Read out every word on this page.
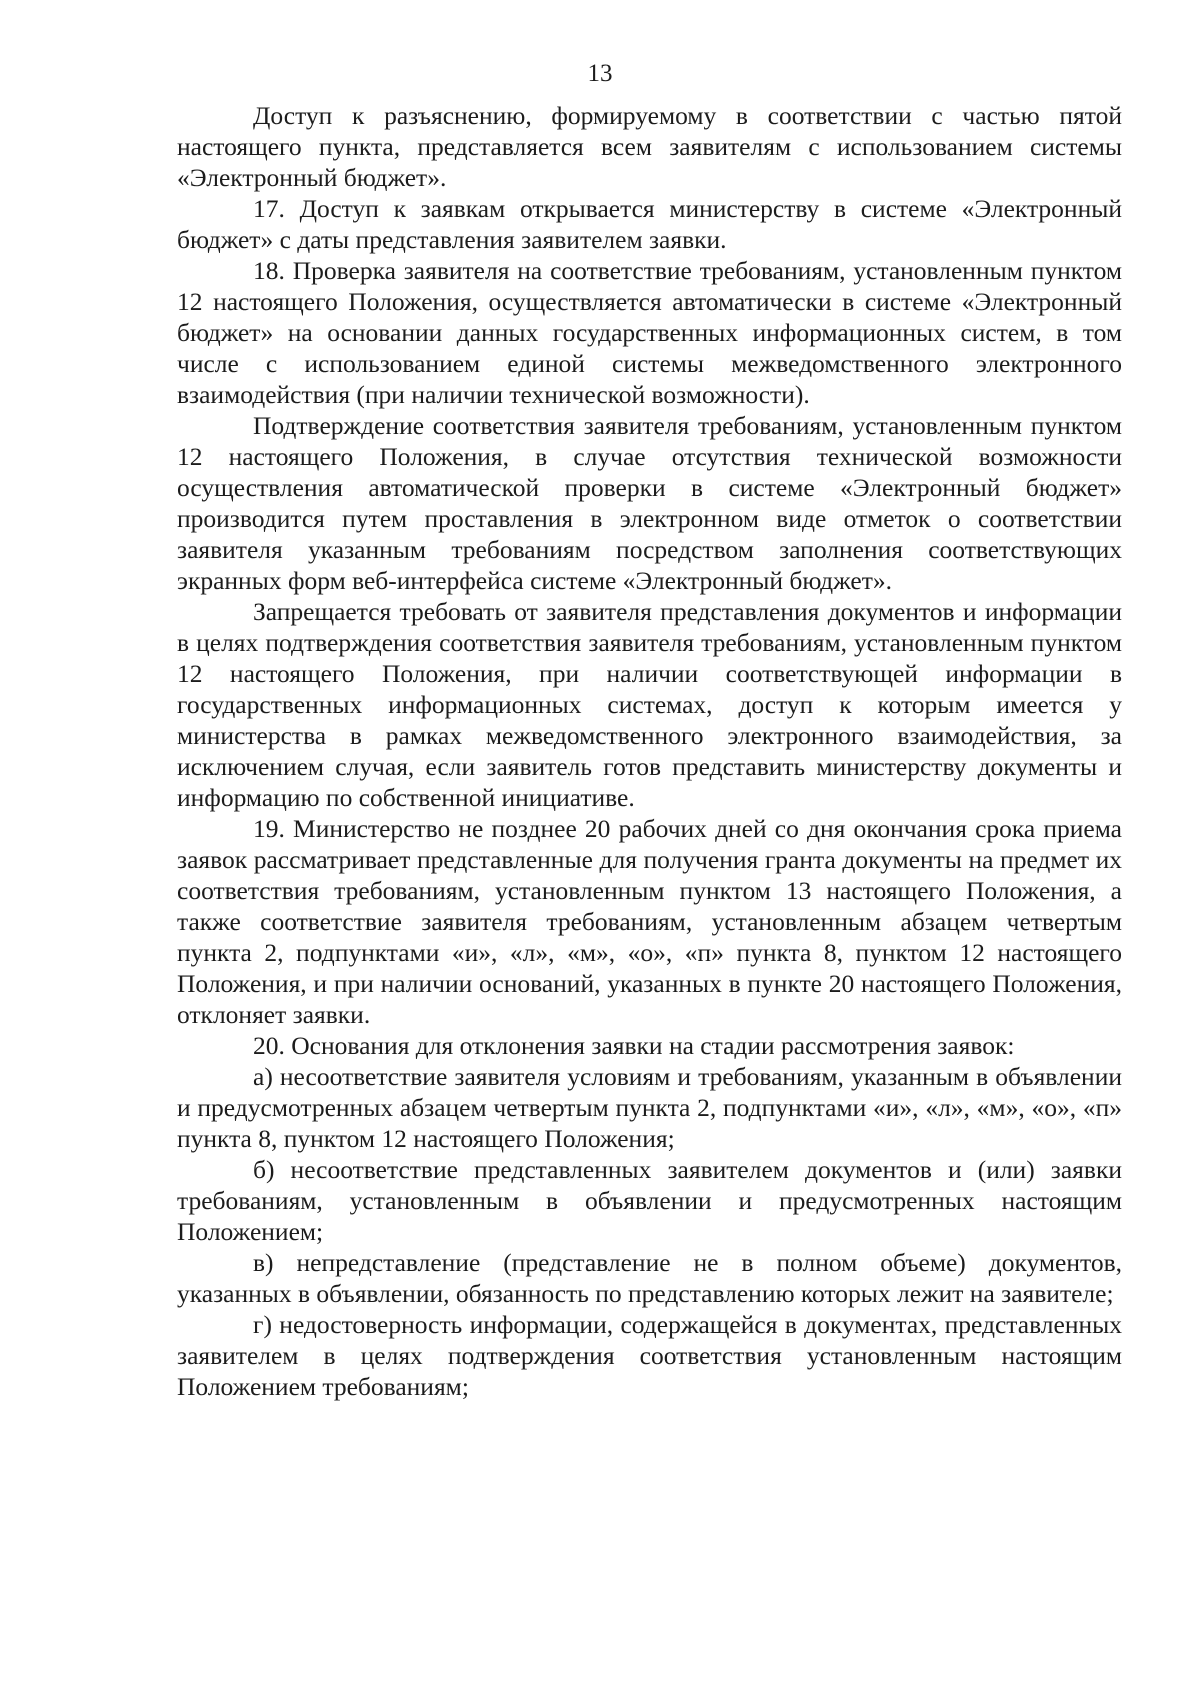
13

Доступ к разъяснению, формируемому в соответствии с частью пятой настоящего пункта, представляется всем заявителям с использованием системы «Электронный бюджет».

17. Доступ к заявкам открывается министерству в системе «Электронный бюджет» с даты представления заявителем заявки.

18. Проверка заявителя на соответствие требованиям, установленным пунктом 12 настоящего Положения, осуществляется автоматически в системе «Электронный бюджет» на основании данных государственных информационных систем, в том числе с использованием единой системы межведомственного электронного взаимодействия (при наличии технической возможности).

Подтверждение соответствия заявителя требованиям, установленным пунктом 12 настоящего Положения, в случае отсутствия технической возможности осуществления автоматической проверки в системе «Электронный бюджет» производится путем проставления в электронном виде отметок о соответствии заявителя указанным требованиям посредством заполнения соответствующих экранных форм веб-интерфейса системе «Электронный бюджет».

Запрещается требовать от заявителя представления документов и информации в целях подтверждения соответствия заявителя требованиям, установленным пунктом 12 настоящего Положения, при наличии соответствующей информации в государственных информационных системах, доступ к которым имеется у министерства в рамках межведомственного электронного взаимодействия, за исключением случая, если заявитель готов представить министерству документы и информацию по собственной инициативе.

19. Министерство не позднее 20 рабочих дней со дня окончания срока приема заявок рассматривает представленные для получения гранта документы на предмет их соответствия требованиям, установленным пунктом 13 настоящего Положения, а также соответствие заявителя требованиям, установленным абзацем четвертым пункта 2, подпунктами «и», «л», «м», «о», «п» пункта 8, пунктом 12 настоящего Положения, и при наличии оснований, указанных в пункте 20 настоящего Положения, отклоняет заявки.

20. Основания для отклонения заявки на стадии рассмотрения заявок:

а) несоответствие заявителя условиям и требованиям, указанным в объявлении и предусмотренных абзацем четвертым пункта 2, подпунктами «и», «л», «м», «о», «п» пункта 8, пунктом 12 настоящего Положения;

б) несоответствие представленных заявителем документов и (или) заявки требованиям, установленным в объявлении и предусмотренных настоящим Положением;

в) непредставление (представление не в полном объеме) документов, указанных в объявлении, обязанность по представлению которых лежит на заявителе;

г) недостоверность информации, содержащейся в документах, представленных заявителем в целях подтверждения соответствия установленным настоящим Положением требованиям;
